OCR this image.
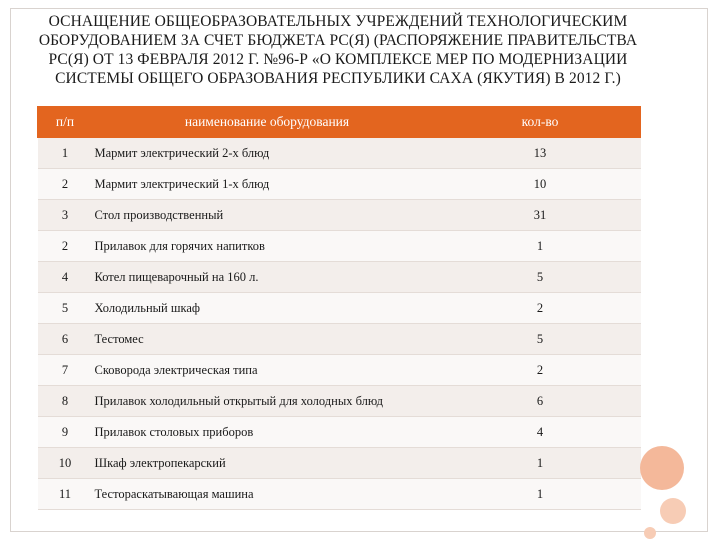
ОСНАЩЕНИЕ ОБЩЕОБРАЗОВАТЕЛЬНЫХ УЧРЕЖДЕНИЙ ТЕХНОЛОГИЧЕСКИМ ОБОРУДОВАНИЕМ ЗА СЧЕТ БЮДЖЕТА РС(Я) (РАСПОРЯЖЕНИЕ ПРАВИТЕЛЬСТВА РС(Я) ОТ 13 ФЕВРАЛЯ 2012 Г. №96-Р «О КОМПЛЕКСЕ МЕР ПО МОДЕРНИЗАЦИИ СИСТЕМЫ ОБЩЕГО ОБРАЗОВАНИЯ РЕСПУБЛИКИ САХА (ЯКУТИЯ) В 2012 Г.)
п/п	наименование оборудования	кол-во
1	Мармит электрический 2-х блюд	13
2	Мармит электрический 1-х блюд	10
3	Стол производственный	31
2	Прилавок для горячих напитков	1
4	Котел пищеварочный на 160 л.	5
5	Холодильный шкаф	2
6	Тестомес	5
7	Сковорода электрическая типа	2
8	Прилавок холодильный открытый для холодных блюд	6
9	Прилавок столовых приборов	4
10	Шкаф электропекарский	1
11	Тестораскатывающая машина	1
